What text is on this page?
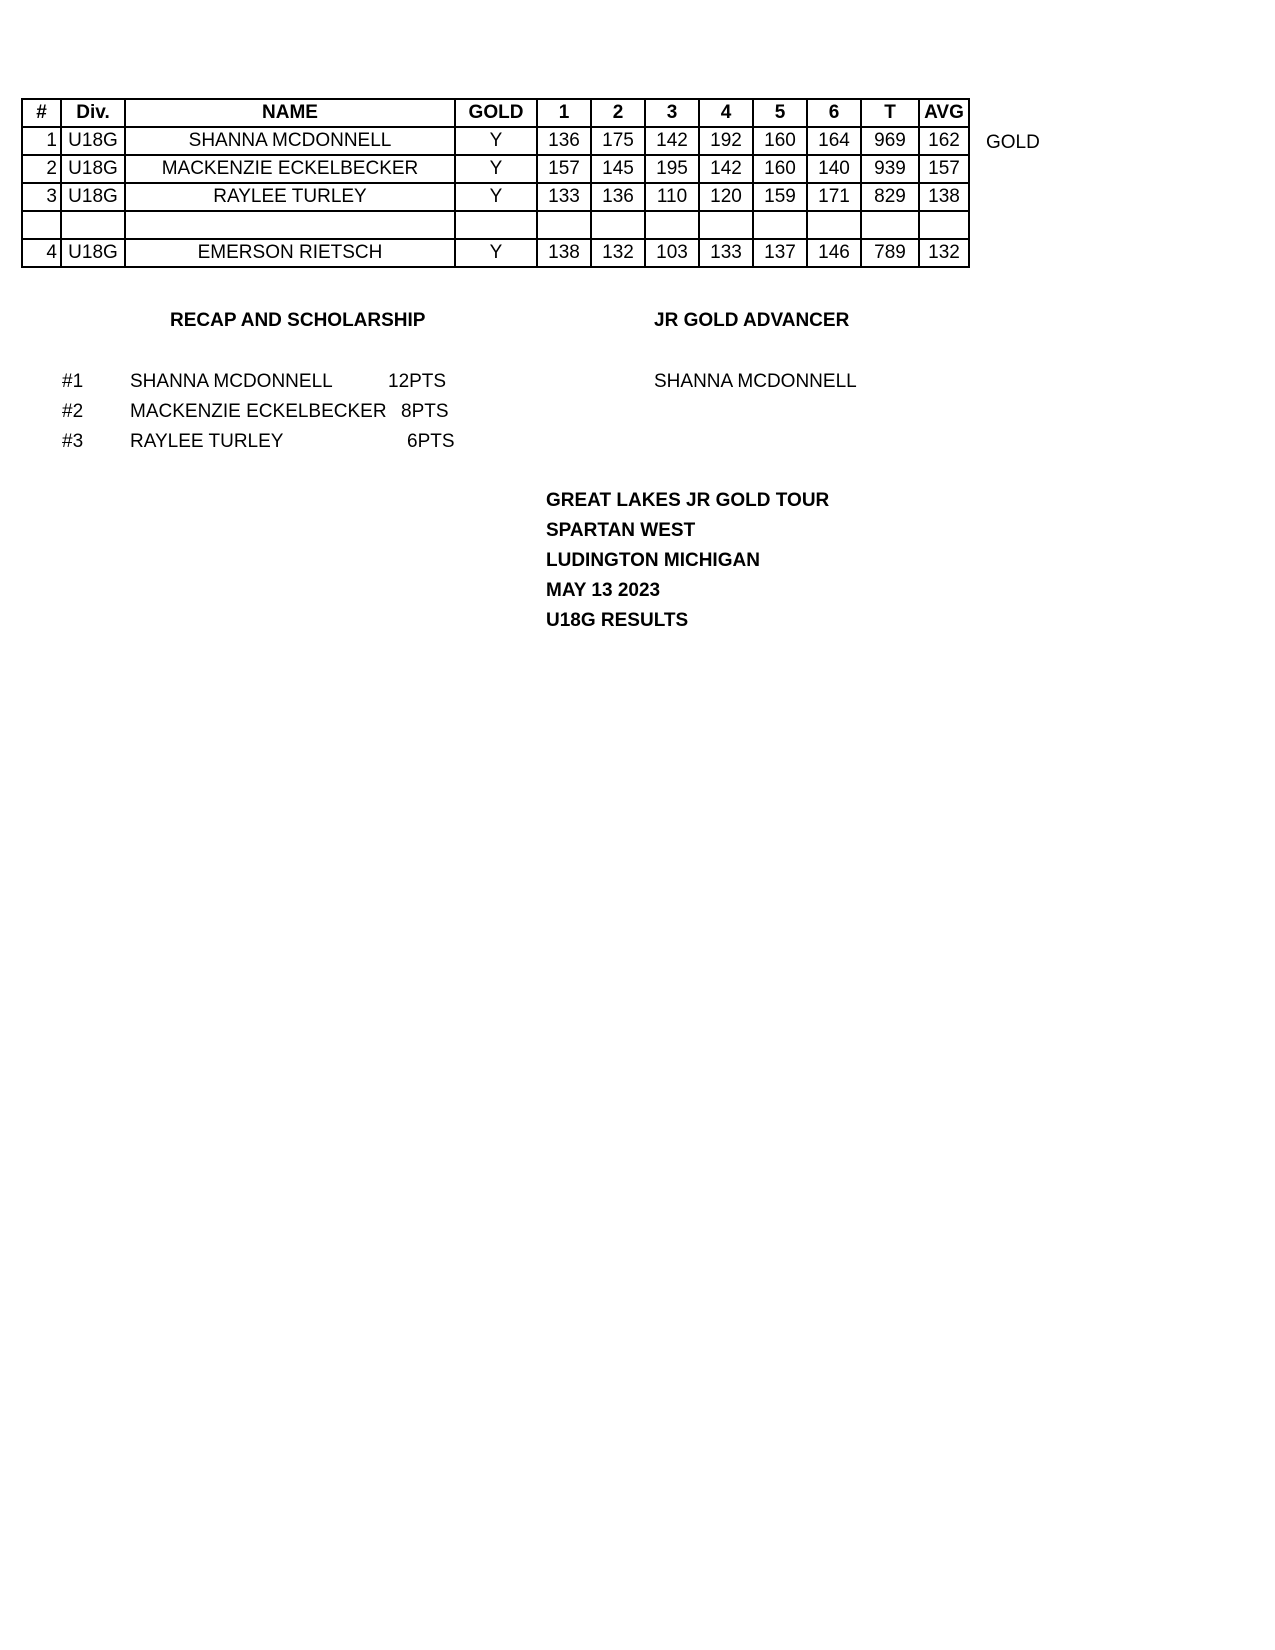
#	Div.	NAME	GOLD	1	2	3	4	5	6	T	AVG
1	U18G	SHANNA MCDONNELL	Y	136	175	142	192	160	164	969	162
2	U18G	MACKENZIE ECKELBECKER	Y	157	145	195	142	160	140	939	157
3	U18G	RAYLEE TURLEY	Y	133	136	110	120	159	171	829	138

4	U18G	EMERSON RIETSCH	Y	138	132	103	133	137	146	789	132
GOLD
RECAP AND SCHOLARSHIP
#1 SHANNA MCDONNELL	12PTS
#2 MACKENZIE ECKELBECKER 8PTS
#3 RAYLEE TURLEY	6PTS
JR GOLD ADVANCER
SHANNA MCDONNELL
GREAT LAKES JR GOLD TOUR
SPARTAN WEST
LUDINGTON MICHIGAN
MAY 13 2023
U18G RESULTS
